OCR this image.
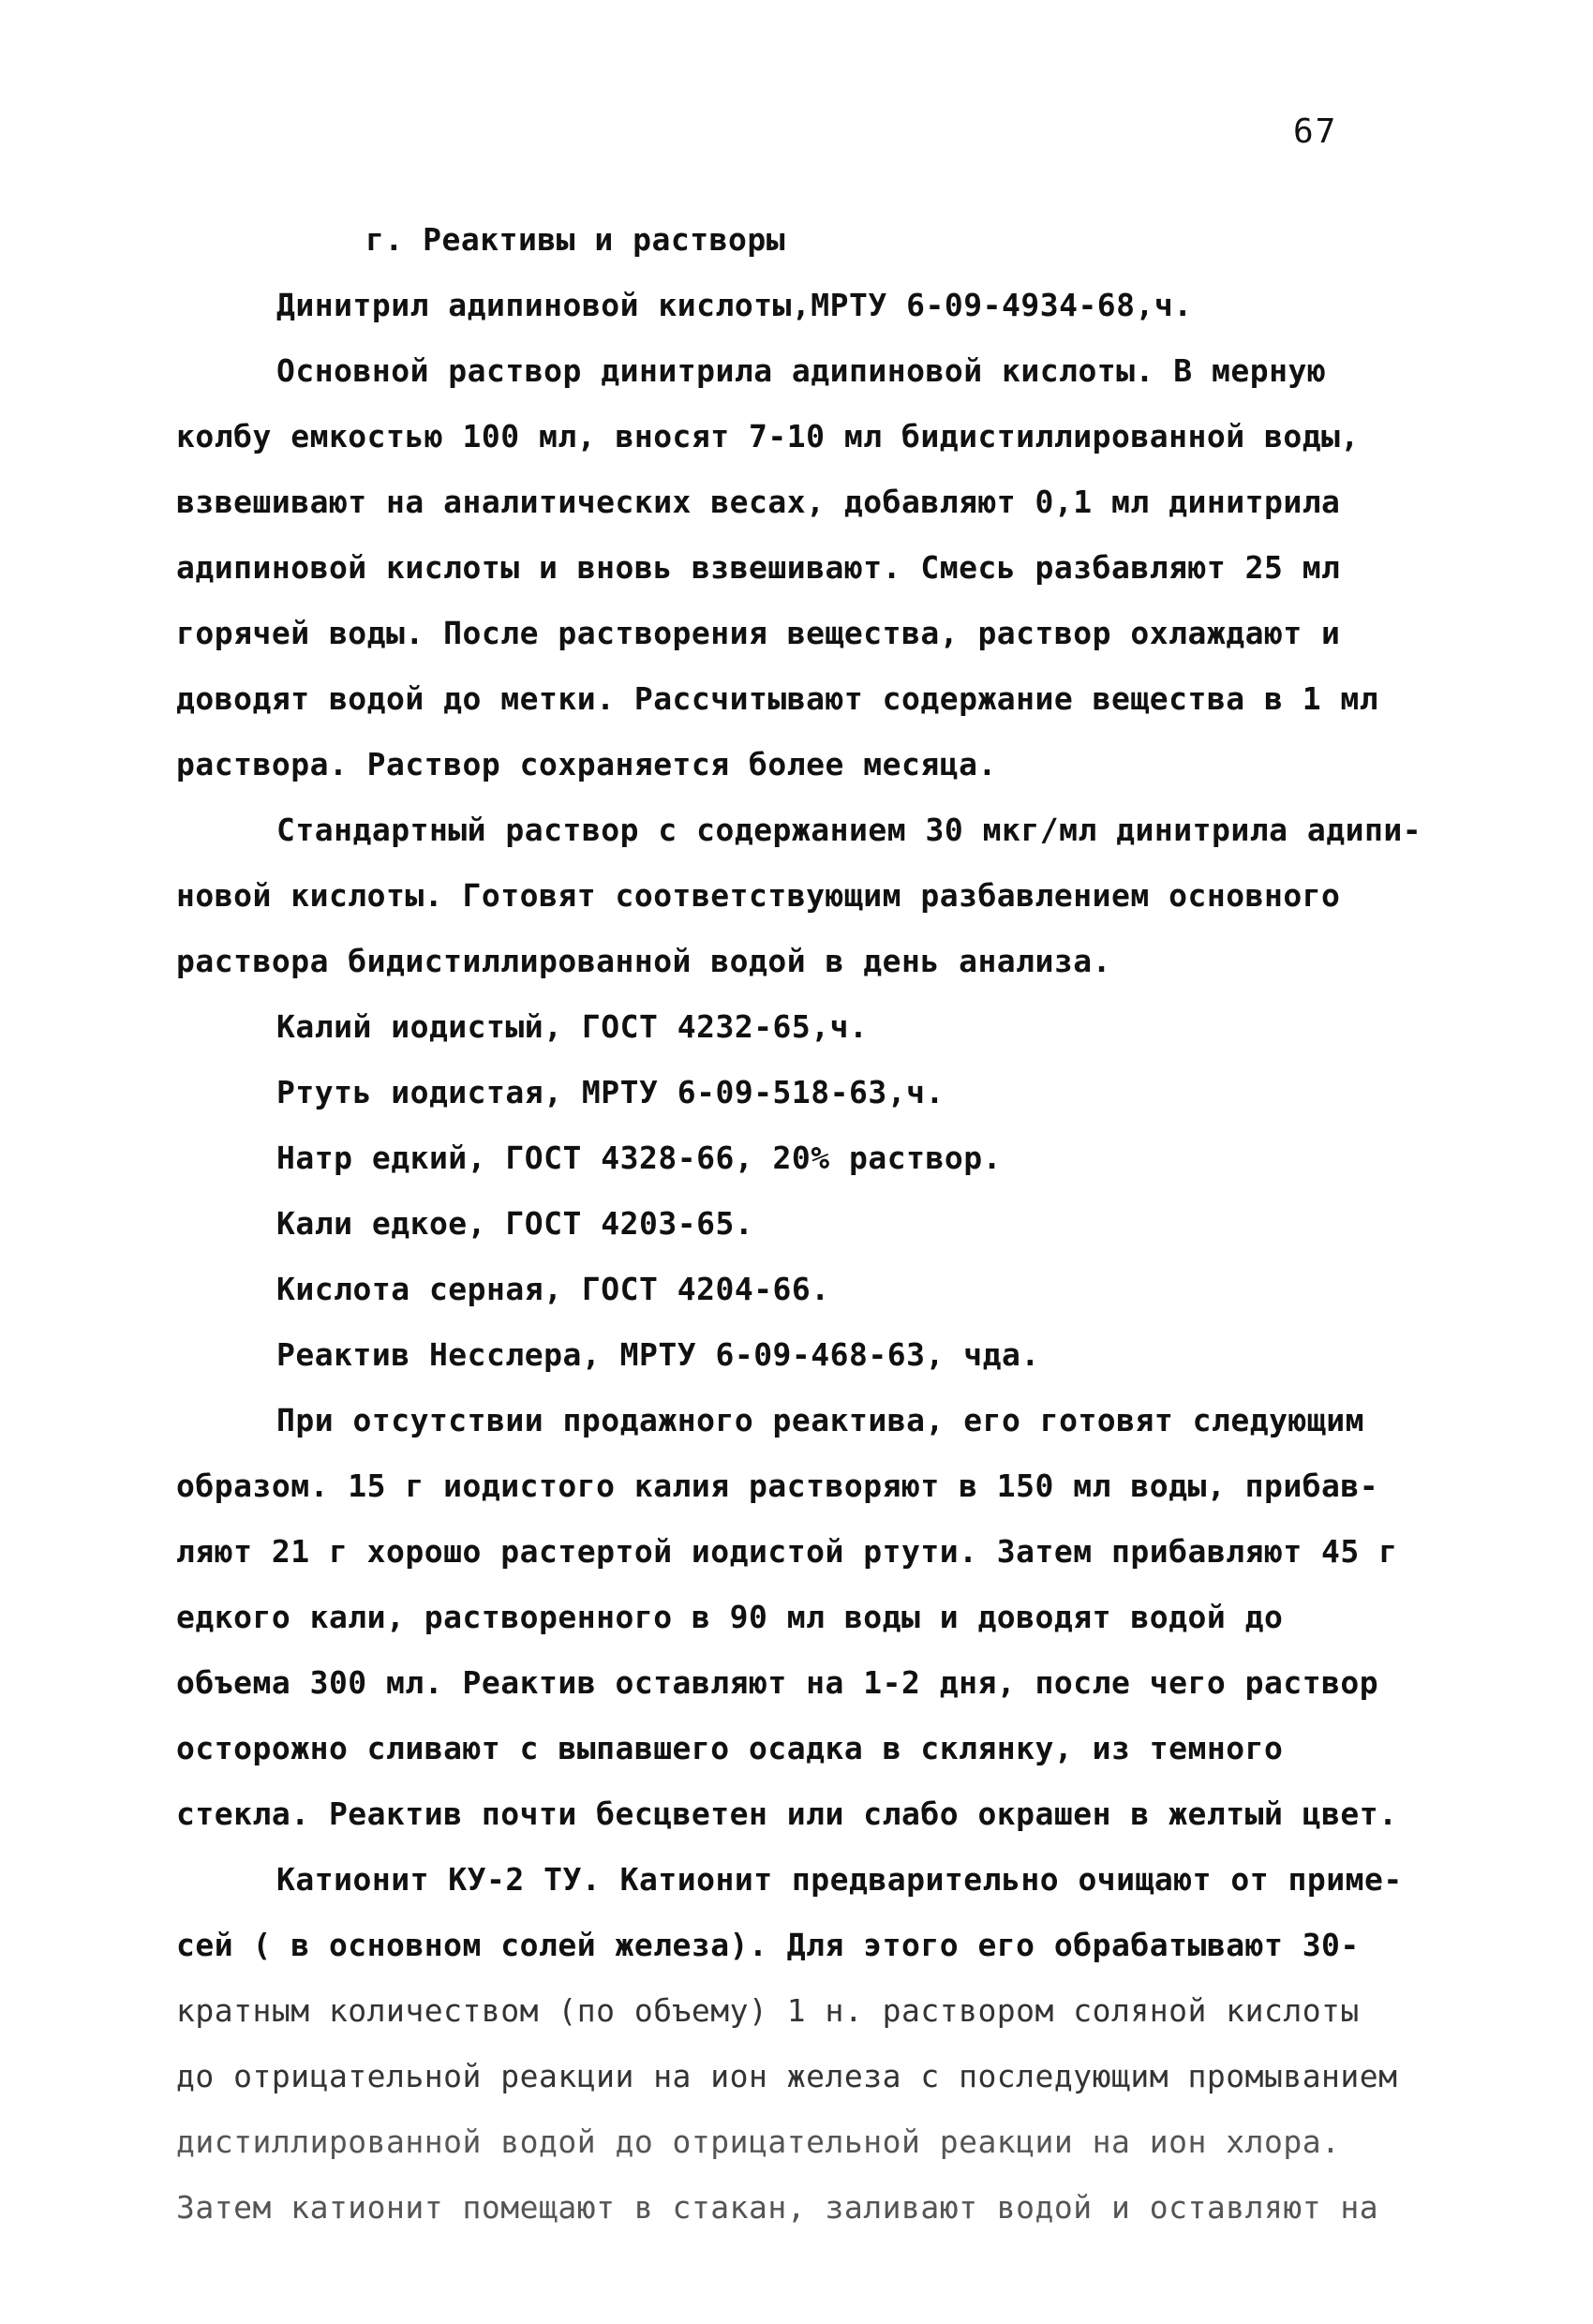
67
г. Реактивы и растворы
Динитрил адипиновой кислоты,МРТУ 6-09-4934-68,ч.
Основной раствор динитрила адипиновой кислоты. В мерную
колбу емкостью 100 мл, вносят 7-10 мл бидистиллированной воды,
взвешивают на аналитических весах, добавляют 0,1 мл динитрила
адипиновой кислоты и вновь взвешивают. Смесь разбавляют 25 мл
горячей воды. После растворения вещества, раствор охлаждают и
доводят водой до метки. Рассчитывают содержание вещества в 1 мл
раствора. Раствор сохраняется более месяца.
Стандартный раствор с содержанием 30 мкг/мл динитрила адипи-
новой кислоты. Готовят соответствующим разбавлением основного
раствора бидистиллированной водой в день анализа.
Калий иодистый, ГОСТ 4232-65,ч.
Ртуть иодистая, МРТУ 6-09-518-63,ч.
Натр едкий, ГОСТ 4328-66, 20% раствор.
Кали едкое, ГОСТ 4203-65.
Кислота серная, ГОСТ 4204-66.
Реактив Несслера, МРТУ 6-09-468-63, чда.
При отсутствии продажного реактива, его готовят следующим
образом. 15 г иодистого калия растворяют в 150 мл воды, прибав-
ляют 21 г хорошо растертой иодистой ртути. Затем прибавляют 45 г
едкого кали, растворенного в 90 мл воды и доводят водой до
объема 300 мл. Реактив оставляют на 1-2 дня, после чего раствор
осторожно сливают с выпавшего осадка в склянку, из темного
стекла. Реактив почти бесцветен или слабо окрашен в желтый цвет.
Катионит КУ-2 ТУ. Катионит предварительно очищают от приме-
сей ( в основном солей железа). Для этого его обрабатывают 30-
кратным количеством (по объему) 1 н. раствором соляной кислоты
до отрицательной реакции на ион железа с последующим промыванием
дистиллированной водой до отрицательной реакции на ион хлора.
Затем катионит помещают в стакан, заливают водой и оставляют на
